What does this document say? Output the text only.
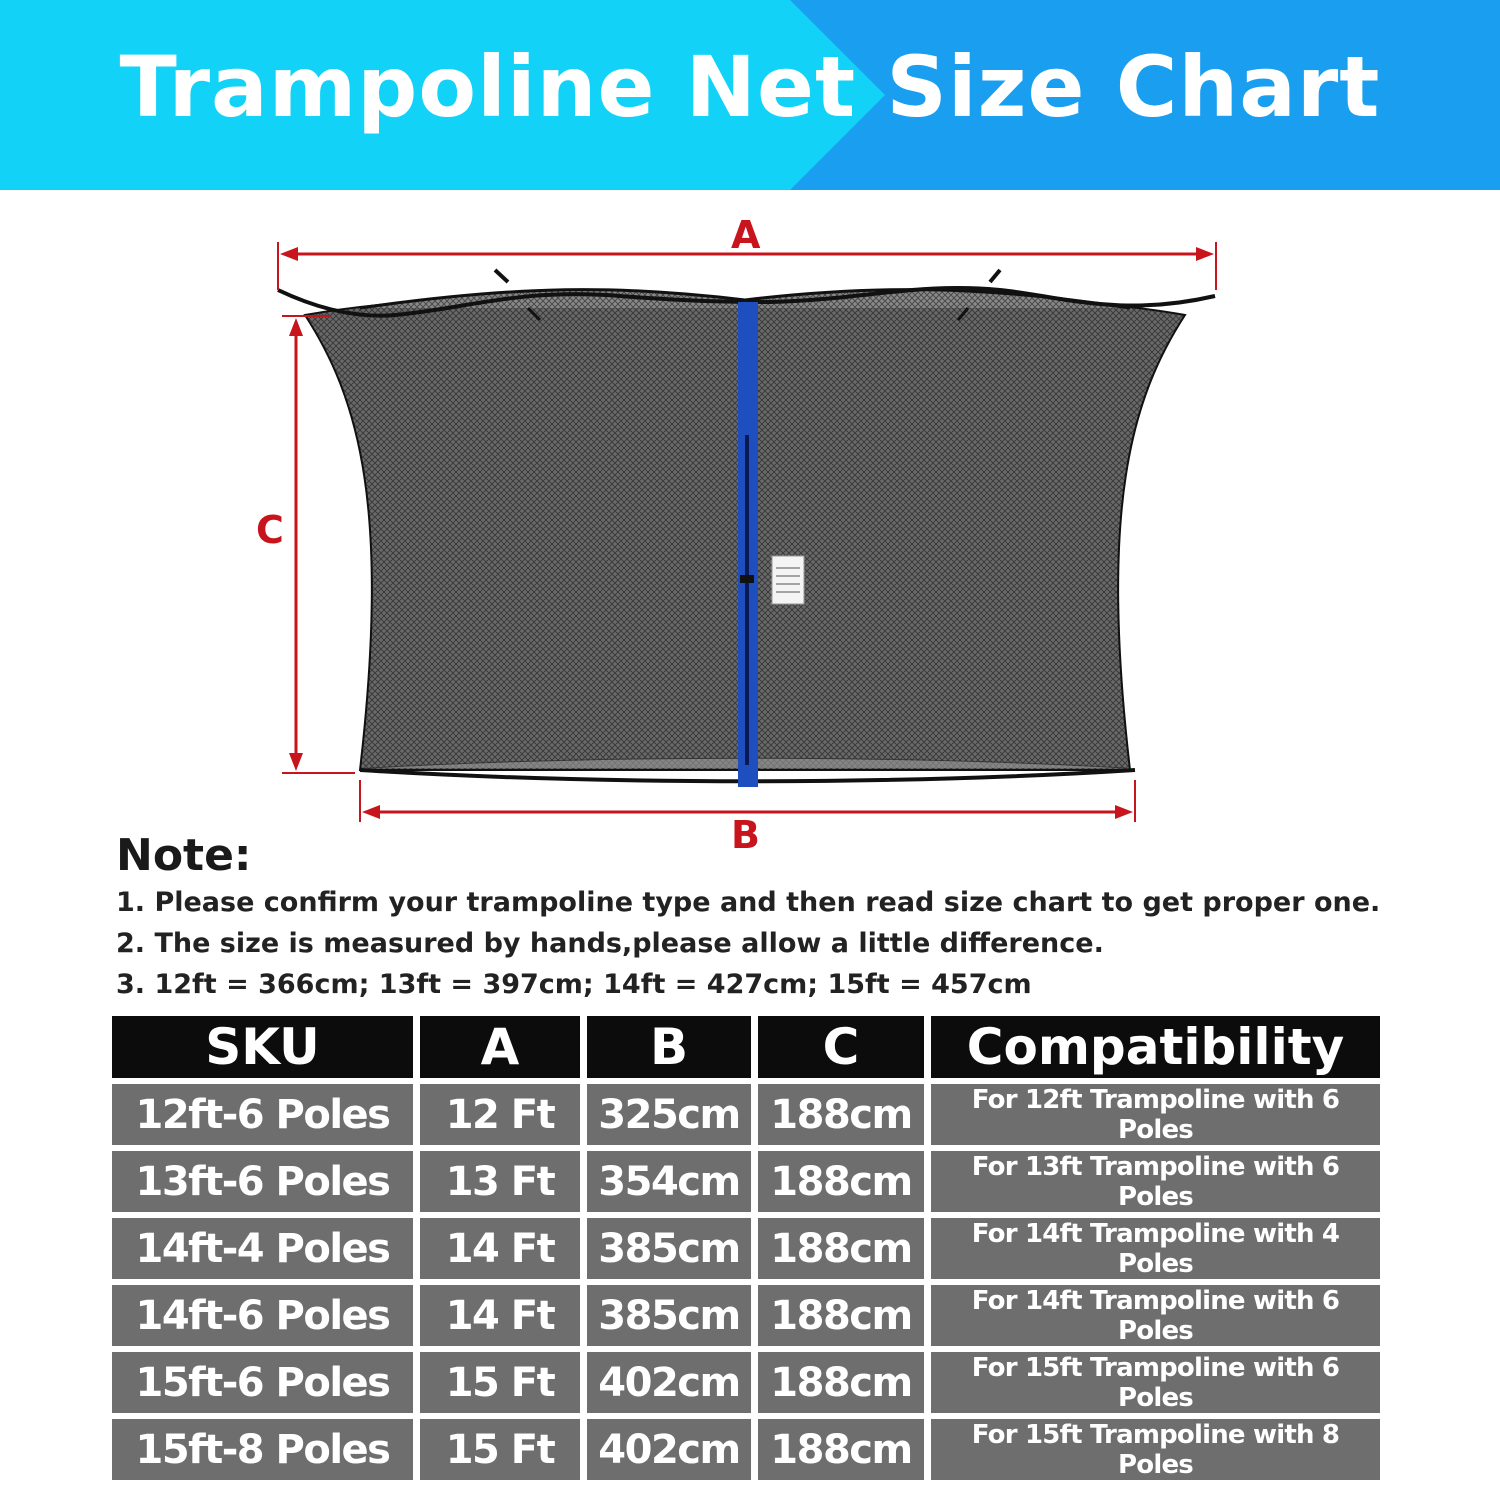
Trampoline Net Size Chart
A
C
B
Note:
1. Please confirm your trampoline type and then read size chart to get proper one.
2. The size is measured by hands,please allow a little difference.
3. 12ft = 366cm; 13ft = 397cm; 14ft = 427cm; 15ft = 457cm
SKU	A	B	C	Compatibility
12ft-6 Poles	12 Ft	325cm	188cm	For 12ft Trampoline with 6 Poles
13ft-6 Poles	13 Ft	354cm	188cm	For 13ft Trampoline with 6 Poles
14ft-4 Poles	14 Ft	385cm	188cm	For 14ft Trampoline with 4 Poles
14ft-6 Poles	14 Ft	385cm	188cm	For 14ft Trampoline with 6 Poles
15ft-6 Poles	15 Ft	402cm	188cm	For 15ft Trampoline with 6 Poles
15ft-8 Poles	15 Ft	402cm	188cm	For 15ft Trampoline with 8 Poles
